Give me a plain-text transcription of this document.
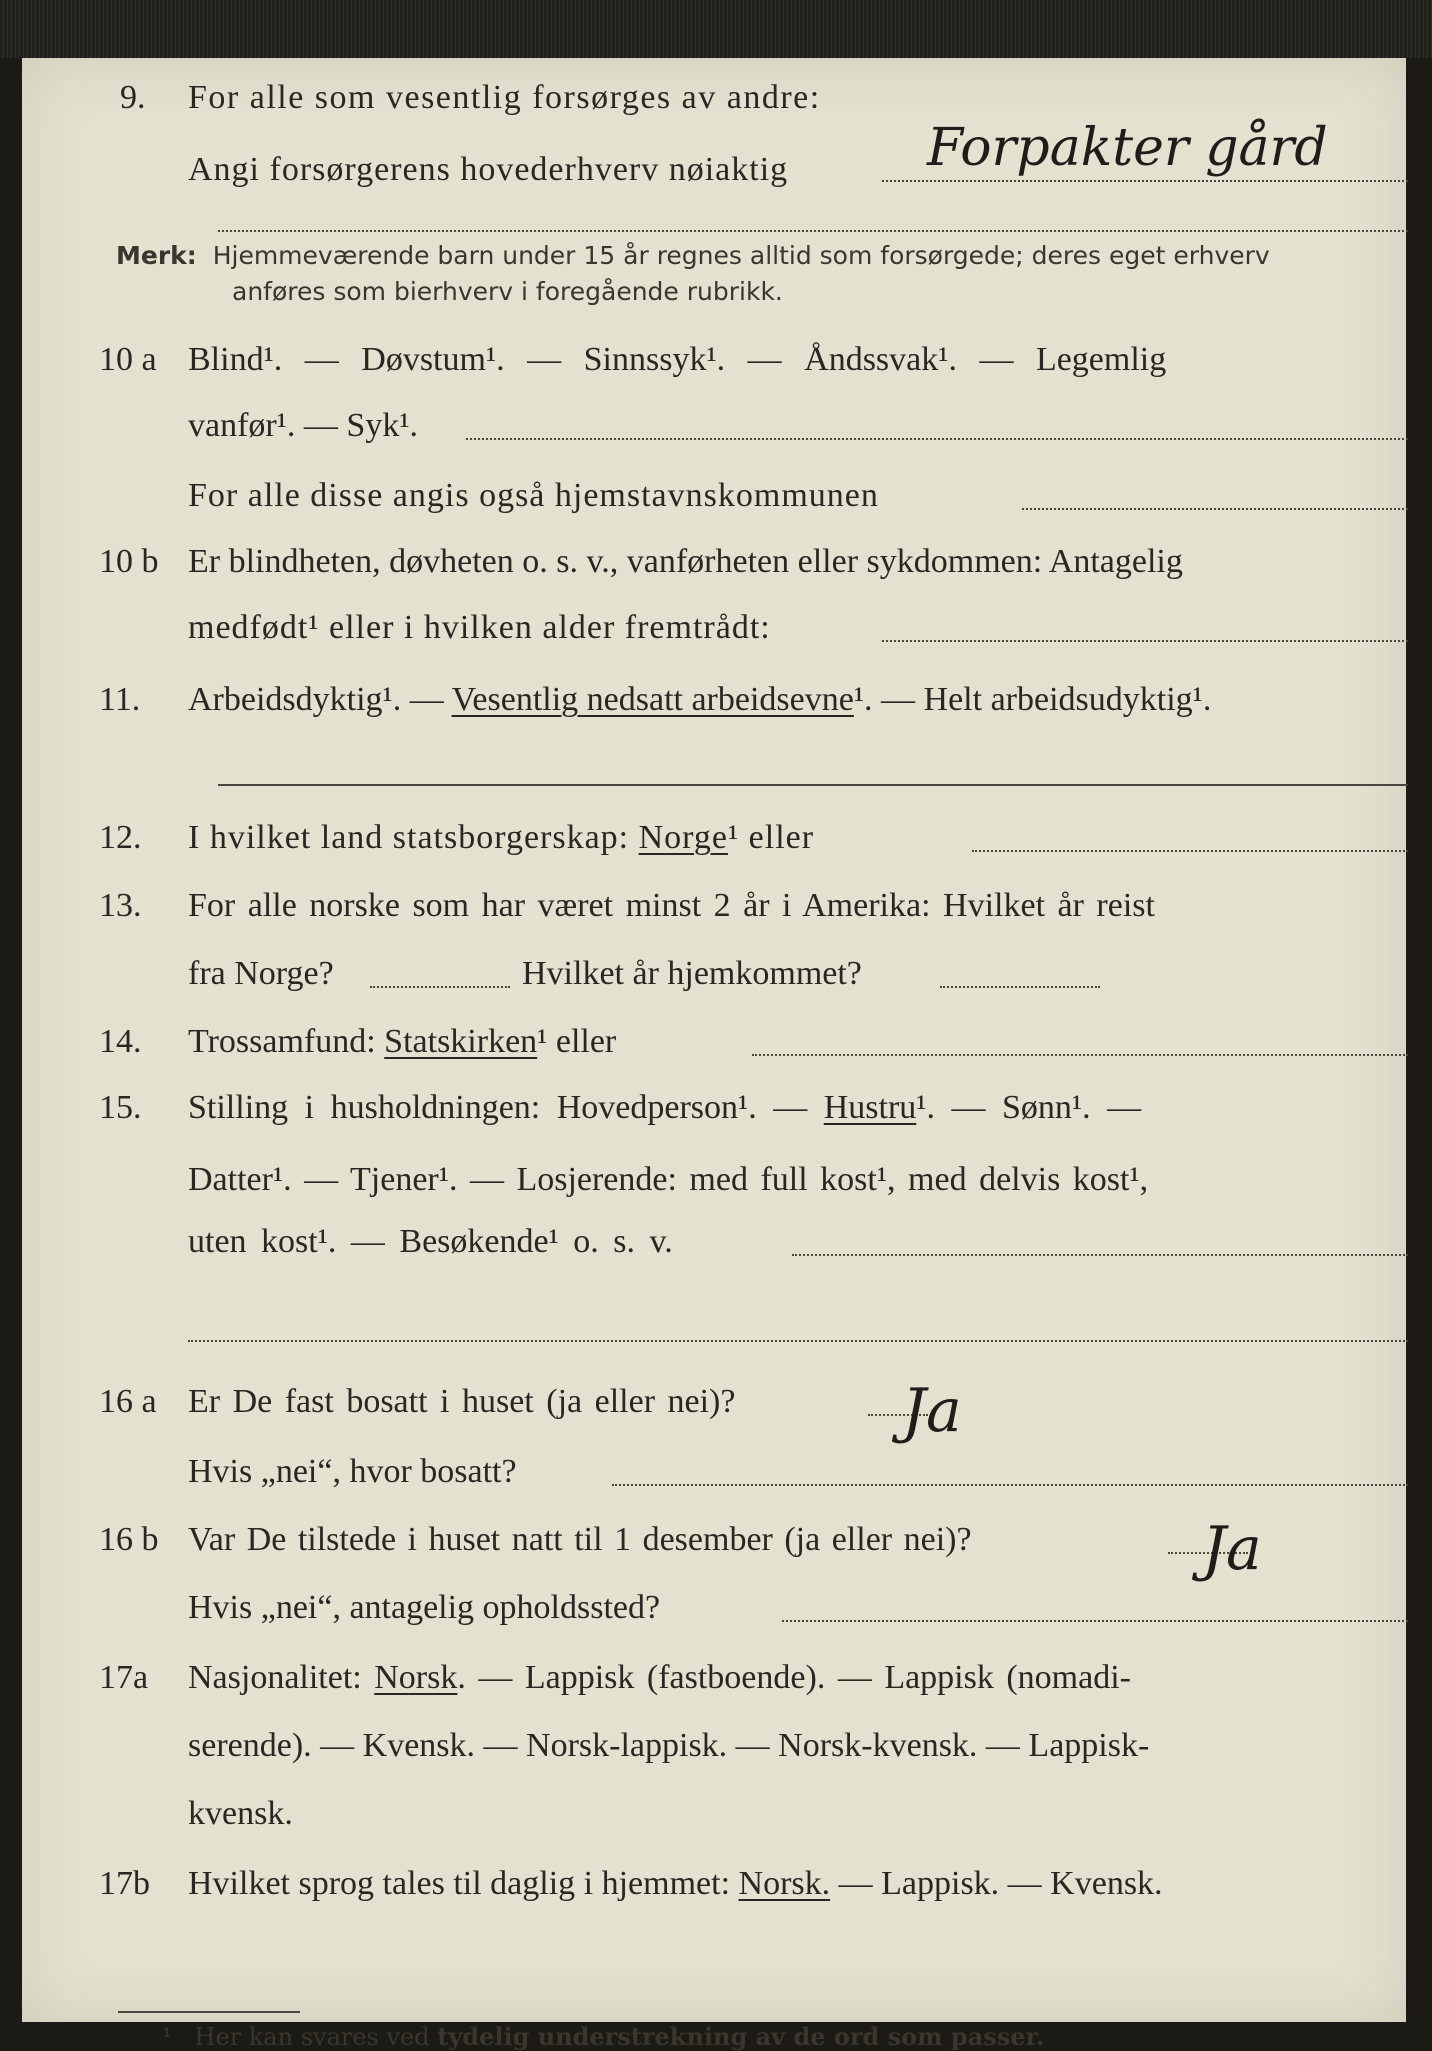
9.	For alle som vesentlig forsørges av andre:
Angi forsørgerens hovederhverv nøiaktig	Forpakter gård
Merk: Hjemmeværende barn under 15 år regnes alltid som forsørgede; deres eget erhverv
anføres som bierhverv i foregående rubrikk.
10 a Blind¹. — Døvstum¹. — Sinnssyk¹. — Åndssvak¹. — Legemlig
vanfør¹. — Syk¹.
For alle disse angis også hjemstavnskommunen
10 b Er blindheten, døvheten o. s. v., vanførheten eller sykdommen: Antagelig
medfødt¹ eller i hvilken alder fremtrådt:
11.	Arbeidsdyktig¹. — Vesentlig nedsatt arbeidsevne¹. — Helt arbeidsudyktig¹.
12.	I hvilket land statsborgerskap: Norge¹ eller
13.	For alle norske som har været minst 2 år i Amerika: Hvilket år reist
fra Norge?	Hvilket år hjemkommet?
14.	Trossamfund: Statskirken¹ eller
15.	Stilling i husholdningen: Hovedperson¹. — Hustru¹. — Sønn¹. —
Datter¹. — Tjener¹. — Losjerende: med full kost¹, med delvis kost¹,
uten kost¹. — Besøkende¹ o. s. v.
16 a Er De fast bosatt i huset (ja eller nei)?	Ja
Hvis „nei“, hvor bosatt?
16 b Var De tilstede i huset natt til 1 desember (ja eller nei)?	Ja
Hvis „nei“, antagelig opholdssted?
17a	Nasjonalitet: Norsk. — Lappisk (fastboende). — Lappisk (nomadi-
serende). — Kvensk. — Norsk-lappisk. — Norsk-kvensk. — Lappisk-
kvensk.
17b	Hvilket sprog tales til daglig i hjemmet: Norsk. — Lappisk. — Kvensk.
¹ Her kan svares ved tydelig understrekning av de ord som passer.
